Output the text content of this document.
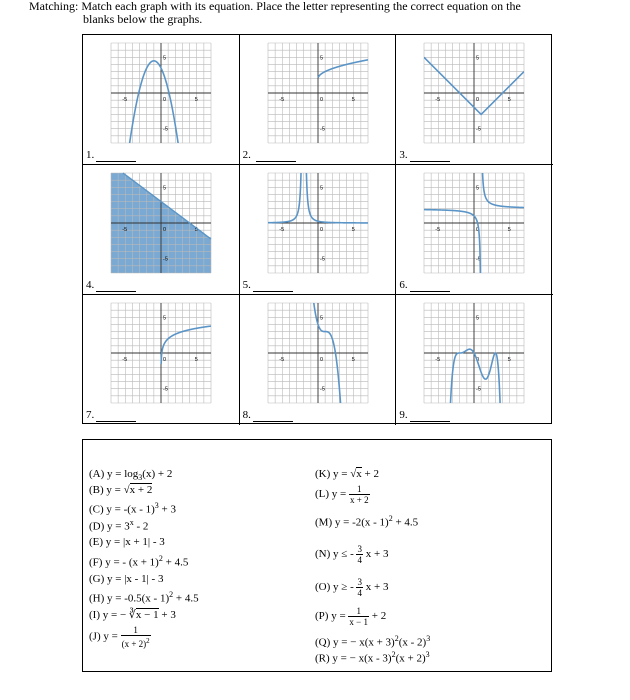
Matching: Match each graph with its equation. Place the letter representing the correct equation on the
blanks below the graphs.
-5	0	5
5
-5
1.
-5	0	5
5
-5
2.
-5	0	5
5
-5
3.
-5	0	5
5
-5
4.
-5	0	5
5
-5
5.
-5	0	5
5
-5
6.
-5	0	5
5
-5
7.
-5	0	5
5
-5
8.
-5	0	5
5
-5
9.
(A) $y = \log_3(x) + 2$
(B) y = √x + 2
(C) y = -(x - 1)$^3$ + 3
(D) $y = 3^x - 2$
(E) y = |x + 1| - 3
(F) y = - $(x + 1)^2 + 4.5$
(G) y = |x - 1| - 3
(H) y = -0.5(x - 1)$^2$ + 4.5
(I) y = − ∛x − 1 + 3
(J) $y = \frac{1}{(x + 2)^2}$
(K) y = √x + 2
(L) $y = \frac{1}{x + 2}$
(M) y = -2(x - 1)$^2$ + 4.5
(N) y ≤ - $\frac{3}{4}$ x + 3
(O) y ≥ - $\frac{3}{4}$ x + 3
(P) $y = \frac{1}{x - 1} + 2$
(Q) y = − $x(x + 3)^2(x - 2)^3$
(R) y = − $x(x - 3)^2(x + 2)^3$
